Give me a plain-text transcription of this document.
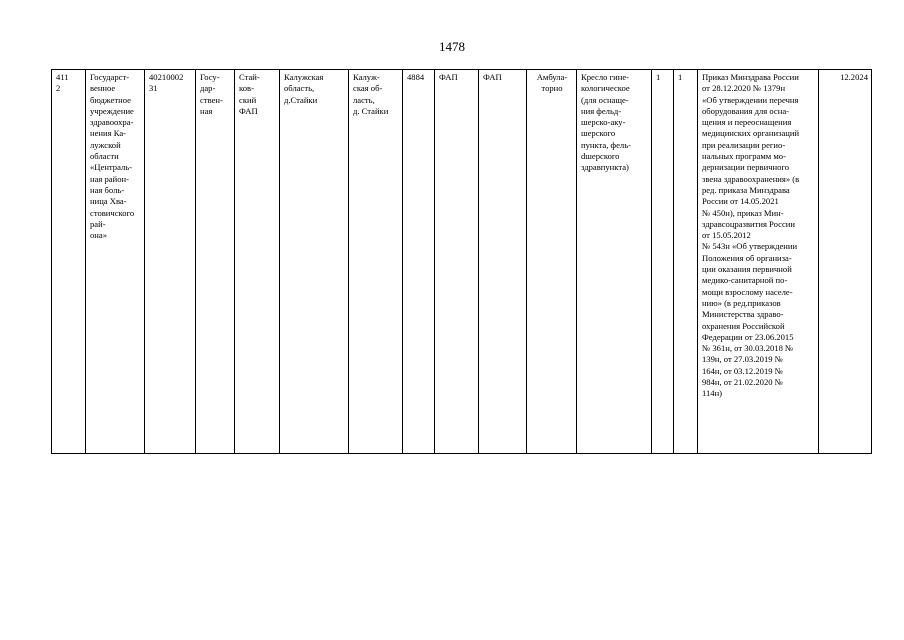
1478
411
2	Государст-
венное
бюджетное
учреждение
здравоохра-
нения Ка-
лужской
области
«Централь-
ная район-
ная боль-
ница Хва-
стовичского рай-
она»	40210002
31	Госу-
дар-
ствен-
ная	Стай-
ков-
ский
ФАП	Калужская
область,
д.Стайки	Калуж-
ская об-
ласть,
д. Стайки	4884	ФАП	ФАП	Амбула-
торно	Кресло гине-
кологическое
(для оснаще-
ния фельд-
шерско-аку-
шерского
пункта, фель-
dшерского
здравпункта)	1	1	Приказ Минздрава России
от 28.12.2020 № 1379н
«Об утверждении перечня
оборудования для осна-
щения и переоснащения
медицинских организаций
при реализации регио-
нальных программ мо-
дернизации первичного
звена здравоохранения» (в
ред. приказа Минздрава
России от 14.05.2021
№ 450н), приказ Мин-
здравсоцразвития России
от 15.05.2012
№ 543н «Об утверждении
Положения об организа-
ции оказания первичной
медико-санитарной по-
мощи взрослому населе-
нию» (в ред.приказов
Министерства здраво-
охранения Российской
Федерации от 23.06.2015
№ 361н, от 30.03.2018 №
139н, от 27.03.2019 №
164н, от 03.12.2019 №
984н, от 21.02.2020 №
114н)	12.2024
